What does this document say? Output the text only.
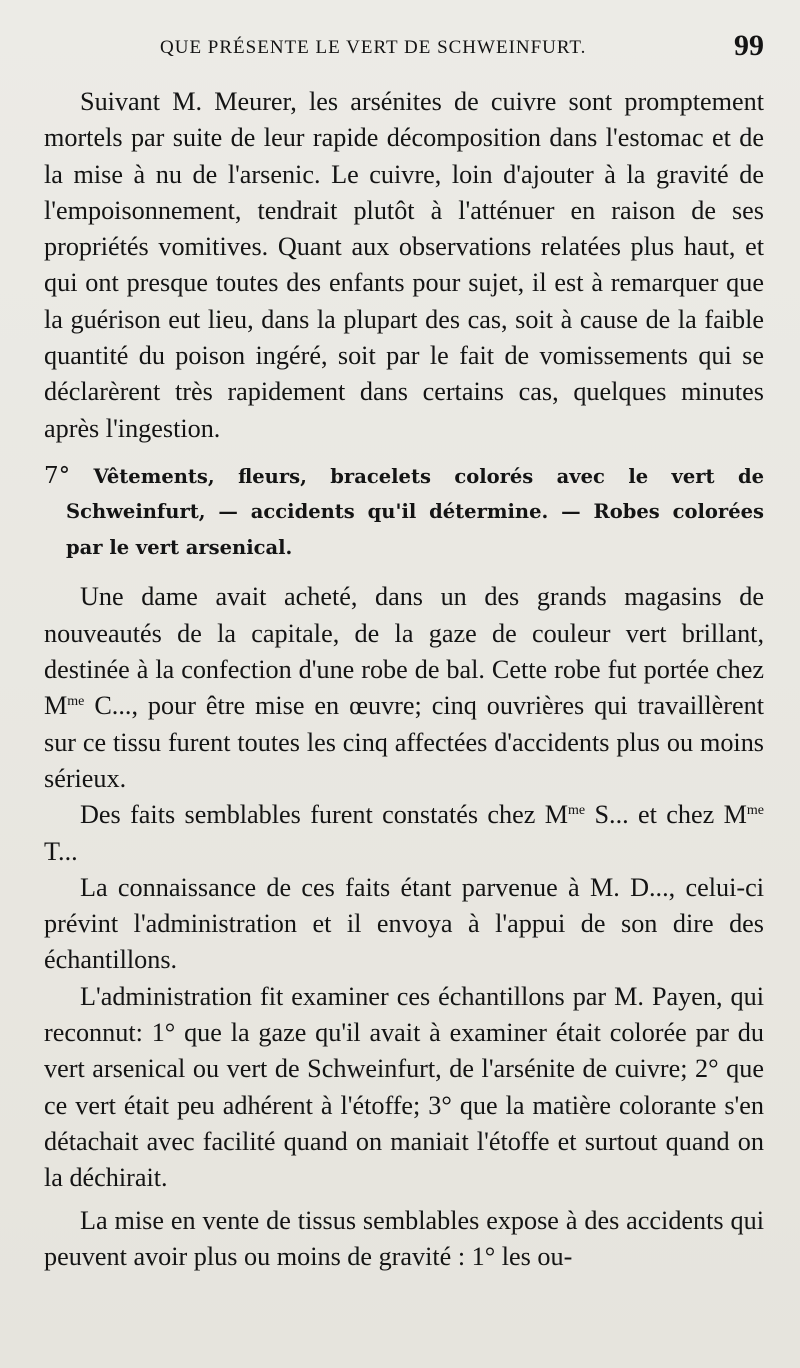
QUE PRÉSENTE LE VERT DE SCHWEINFURT.	99

Suivant M. Meurer, les arsénites de cuivre sont promptement mortels par suite de leur rapide décomposition dans l'estomac et de la mise à nu de l'arsenic. Le cuivre, loin d'ajouter à la gravité de l'empoisonnement, tendrait plutôt à l'atténuer en raison de ses propriétés vomitives. Quant aux observations relatées plus haut, et qui ont presque toutes des enfants pour sujet, il est à remarquer que la guérison eut lieu, dans la plupart des cas, soit à cause de la faible quantité du poison ingéré, soit par le fait de vomissements qui se déclarèrent très rapidement dans certains cas, quelques minutes après l'ingestion.

7° Vêtements, fleurs, bracelets colorés avec le vert de Schweinfurt, — accidents qu'il détermine. — Robes colorées par le vert arsenical.

Une dame avait acheté, dans un des grands magasins de nouveautés de la capitale, de la gaze de couleur vert brillant, destinée à la confection d'une robe de bal. Cette robe fut portée chez $M^{me}$ C..., pour être mise en œuvre; cinq ouvrières qui travaillèrent sur ce tissu furent toutes les cinq affectées d'accidents plus ou moins sérieux.

Des faits semblables furent constatés chez $M^{me}$ S... et chez $M^{me}$ T...

La connaissance de ces faits étant parvenue à M. D..., celui-ci prévint l'administration et il envoya à l'appui de son dire des échantillons.

L'administration fit examiner ces échantillons par M. Payen, qui reconnut: 1° que la gaze qu'il avait à examiner était colorée par du vert arsenical ou vert de Schweinfurt, de l'arsénite de cuivre; 2° que ce vert était peu adhérent à l'étoffe; 3° que la matière colorante s'en détachait avec facilité quand on maniait l'étoffe et surtout quand on la déchirait.

La mise en vente de tissus semblables expose à des accidents qui peuvent avoir plus ou moins de gravité : 1° les ou-
